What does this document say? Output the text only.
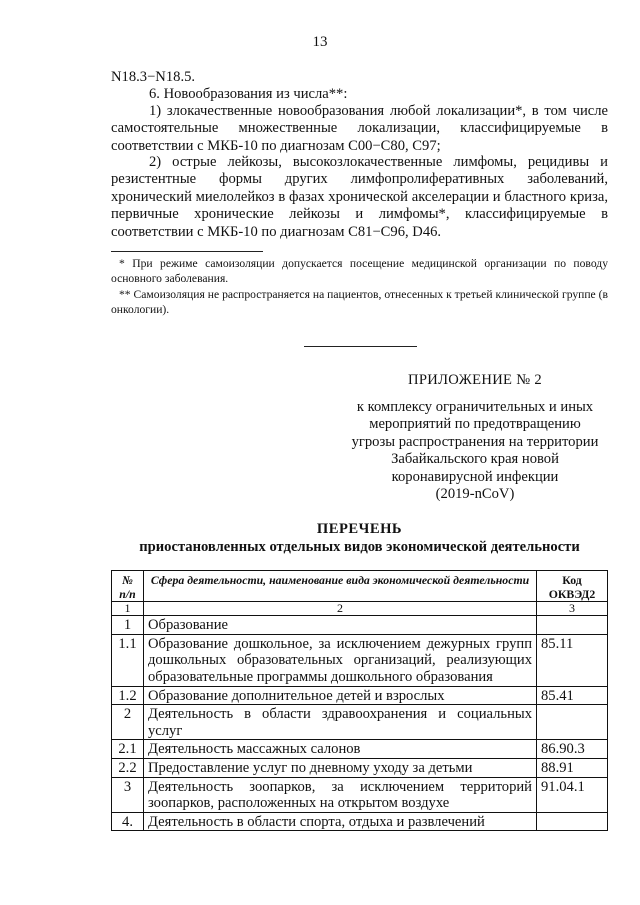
13
N18.3−N18.5.
6. Новообразования из числа**:

1) злокачественные новообразования любой локализации*, в том числе самостоятельные множественные локализации, классифицируемые в соответствии с МКБ-10 по диагнозам C00−C80, C97;

2) острые лейкозы, высокозлокачественные лимфомы, рецидивы и резистентные формы других лимфопролиферативных заболеваний, хронический миелолейкоз в фазах хронической акселерации и бластного криза, первичные хронические лейкозы и лимфомы*, классифицируемые в соответствии с МКБ-10 по диагнозам C81−C96, D46.

* При режиме самоизоляции допускается посещение медицинской организации по поводу основного заболевания.

** Самоизоляция не распространяется на пациентов, отнесенных к третьей клинической группе (в онкологии).

ПРИЛОЖЕНИЕ № 2
к комплексу ограничительных и иных
мероприятий по предотвращению
угрозы распространения на территории
Забайкальского края новой
коронавирусной инфекции
(2019-nCoV)
ПЕРЕЧЕНЬ
приостановленных отдельных видов экономической деятельности
№ п/п	Сфера деятельности, наименование вида экономической деятельности	Код ОКВЭД2
1	2	3
1	Образование	
1.1	Образование дошкольное, за исключением дежурных групп дошкольных образовательных организаций, реализующих образовательные программы дошкольного образования	85.11
1.2	Образование дополнительное детей и взрослых	85.41
2	Деятельность в области здравоохранения и социальных услуг	
2.1	Деятельность массажных салонов	86.90.3
2.2	Предоставление услуг по дневному уходу за детьми	88.91
3	Деятельность зоопарков, за исключением территорий зоопарков, расположенных на открытом воздухе	91.04.1
4.	Деятельность в области спорта, отдыха и развлечений	
